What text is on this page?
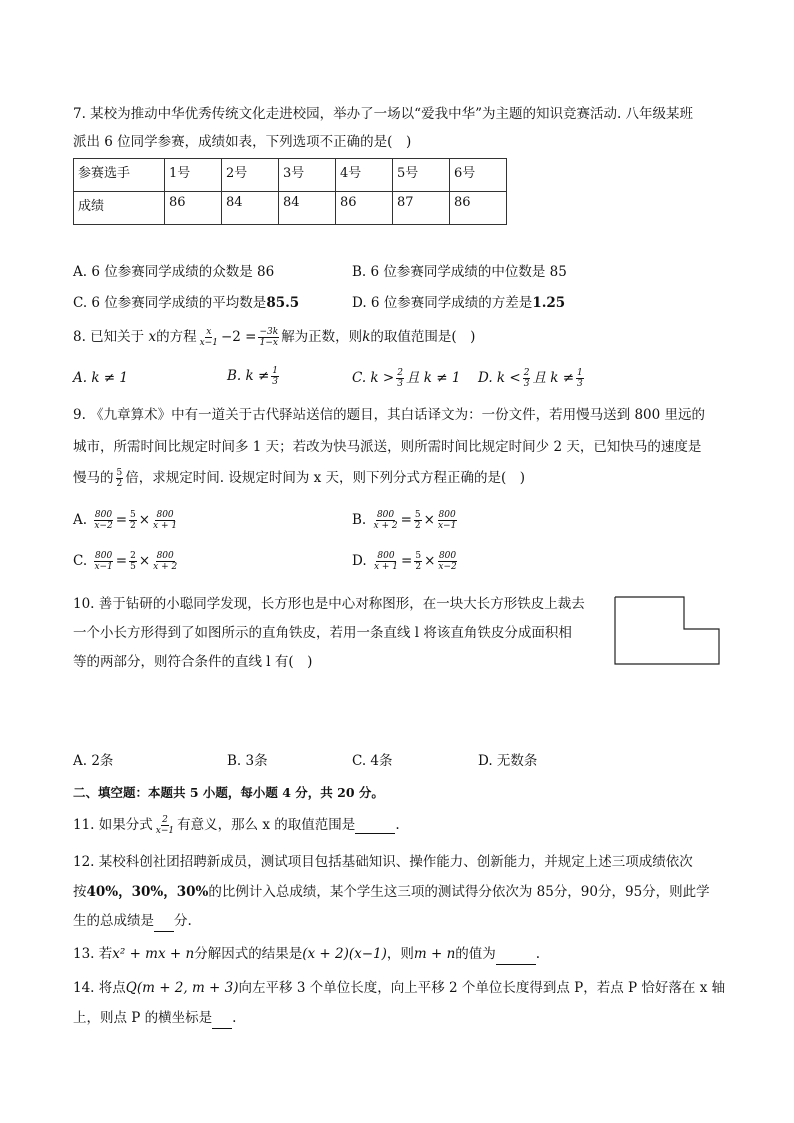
7. 某校为推动中华优秀传统文化走进校园，举办了一场以“爱我中华”为主题的知识竞赛活动. 八年级某班
派出 6 位同学参赛，成绩如表，下列选项不正确的是(　)
参赛选手	1号	2号	3号	4号	5号	6号
成绩	86	84	84	86	87	86
A. 6 位参赛同学成绩的众数是 86	B. 6 位参赛同学成绩的中位数是 85
C. 6 位参赛同学成绩的平均数是85.5	D. 6 位参赛同学成绩的方差是1.25
8. 已知关于 x的方程 $\frac{x}{x-1} -2 = \frac{-3k}{1-x}$ 解为正数，则k的取值范围是(　)
A. k ≠ 1	B. $k \ne \frac{1}{3}$	C. $k > \frac{2}{3}$ 且 k ≠ 1 D. $k < \frac{2}{3}$ 且 $k \ne \frac{1}{3}$
9. 《九章算术》中有一道关于古代驿站送信的题目，其白话译文为：一份文件，若用慢马送到 800 里远的
城市，所需时间比规定时间多 1 天；若改为快马派送，则所需时间比规定时间少 2 天，已知快马的速度是
慢马的 $\frac{5}{2}$ 倍，求规定时间. 设规定时间为 x 天，则下列分式方程正确的是(　)
A. $\frac{800}{x-2} = \frac{5}{2} \times \frac{800}{x + 1}$	B. $\frac{800}{x + 2} = \frac{5}{2} \times \frac{800}{x-1}$
C. $\frac{800}{x-1} = \frac{2}{5} \times \frac{800}{x + 2}$	D. $\frac{800}{x + 1} = \frac{5}{2} \times \frac{800}{x-2}$
10. 善于钻研的小聪同学发现，长方形也是中心对称图形，在一块大长方形铁皮上裁去
一个小长方形得到了如图所示的直角铁皮，若用一条直线 l 将该直角铁皮分成面积相
等的两部分，则符合条件的直线 l 有(　)
A. 2条	B. 3条	C. 4条	D. 无数条
二、填空题：本题共 5 小题，每小题 4 分，共 20 分。
11. 如果分式 $\frac{2}{x-1}$ 有意义，那么 x 的取值范围是	.
12. 某校科创社团招聘新成员，测试项目包括基础知识、操作能力、创新能力，并规定上述三项成绩依次
按40%，30%，30%的比例计入总成绩，某个学生这三项的测试得分依次为 85分，90分，95分，则此学
生的总成绩是 分.
13. 若x² + mx + n分解因式的结果是(x + 2)(x−1)，则m + n的值为	.
14. 将点Q(m + 2, m + 3)向左平移 3 个单位长度，向上平移 2 个单位长度得到点 P，若点 P 恰好落在 x 轴
上，则点 P 的横坐标是 .
